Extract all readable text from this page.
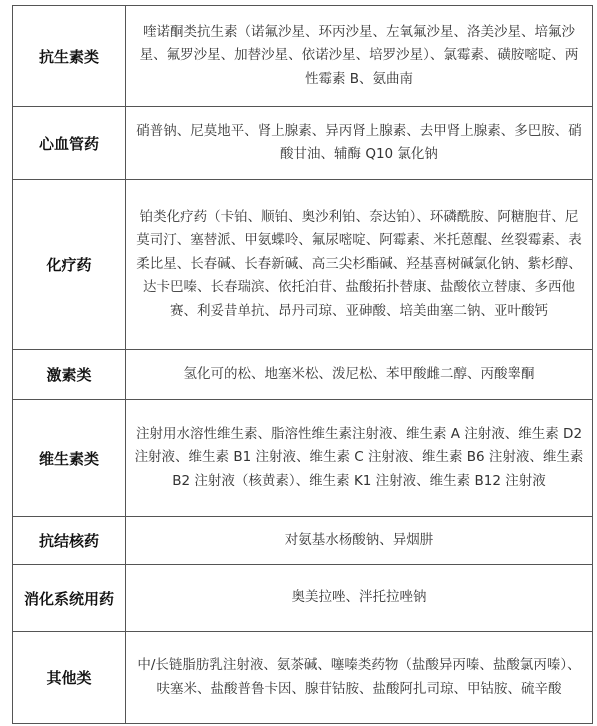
抗生素类	喹诺酮类抗生素（诺氟沙星、环丙沙星、左氧氟沙星、洛美沙星、培氟沙星、氟罗沙星、加替沙星、依诺沙星、培罗沙星）、氯霉素、磺胺嘧啶、两性霉素 B、氨曲南
心血管药	硝普钠、尼莫地平、肾上腺素、异丙肾上腺素、去甲肾上腺素、多巴胺、硝酸甘油、辅酶 Q10 氯化钠
化疗药	铂类化疗药（卡铂、顺铂、奥沙利铂、奈达铂）、环磷酰胺、阿糖胞苷、尼莫司汀、塞替派、甲氨蝶呤、氟尿嘧啶、阿霉素、米托蒽醌、丝裂霉素、表柔比星、长春碱、长春新碱、高三尖杉酯碱、羟基喜树碱氯化钠、紫杉醇、达卡巴嗪、长春瑞滨、依托泊苷、盐酸拓扑替康、盐酸依立替康、多西他赛、利妥昔单抗、昂丹司琼、亚砷酸、培美曲塞二钠、亚叶酸钙
激素类	氢化可的松、地塞米松、泼尼松、苯甲酸雌二醇、丙酸睾酮
维生素类	注射用水溶性维生素、脂溶性维生素注射液、维生素 A 注射液、维生素 D2 注射液、维生素 B1 注射液、维生素 C 注射液、维生素 B6 注射液、维生素 B2 注射液（核黄素）、维生素 K1 注射液、维生素 B12 注射液
抗结核药	对氨基水杨酸钠、异烟肼
消化系统用药	奥美拉唑、泮托拉唑钠
其他类	中/长链脂肪乳注射液、氨茶碱、噻嗪类药物（盐酸异丙嗪、盐酸氯丙嗪）、呋塞米、盐酸普鲁卡因、腺苷钴胺、盐酸阿扎司琼、甲钴胺、硫辛酸
